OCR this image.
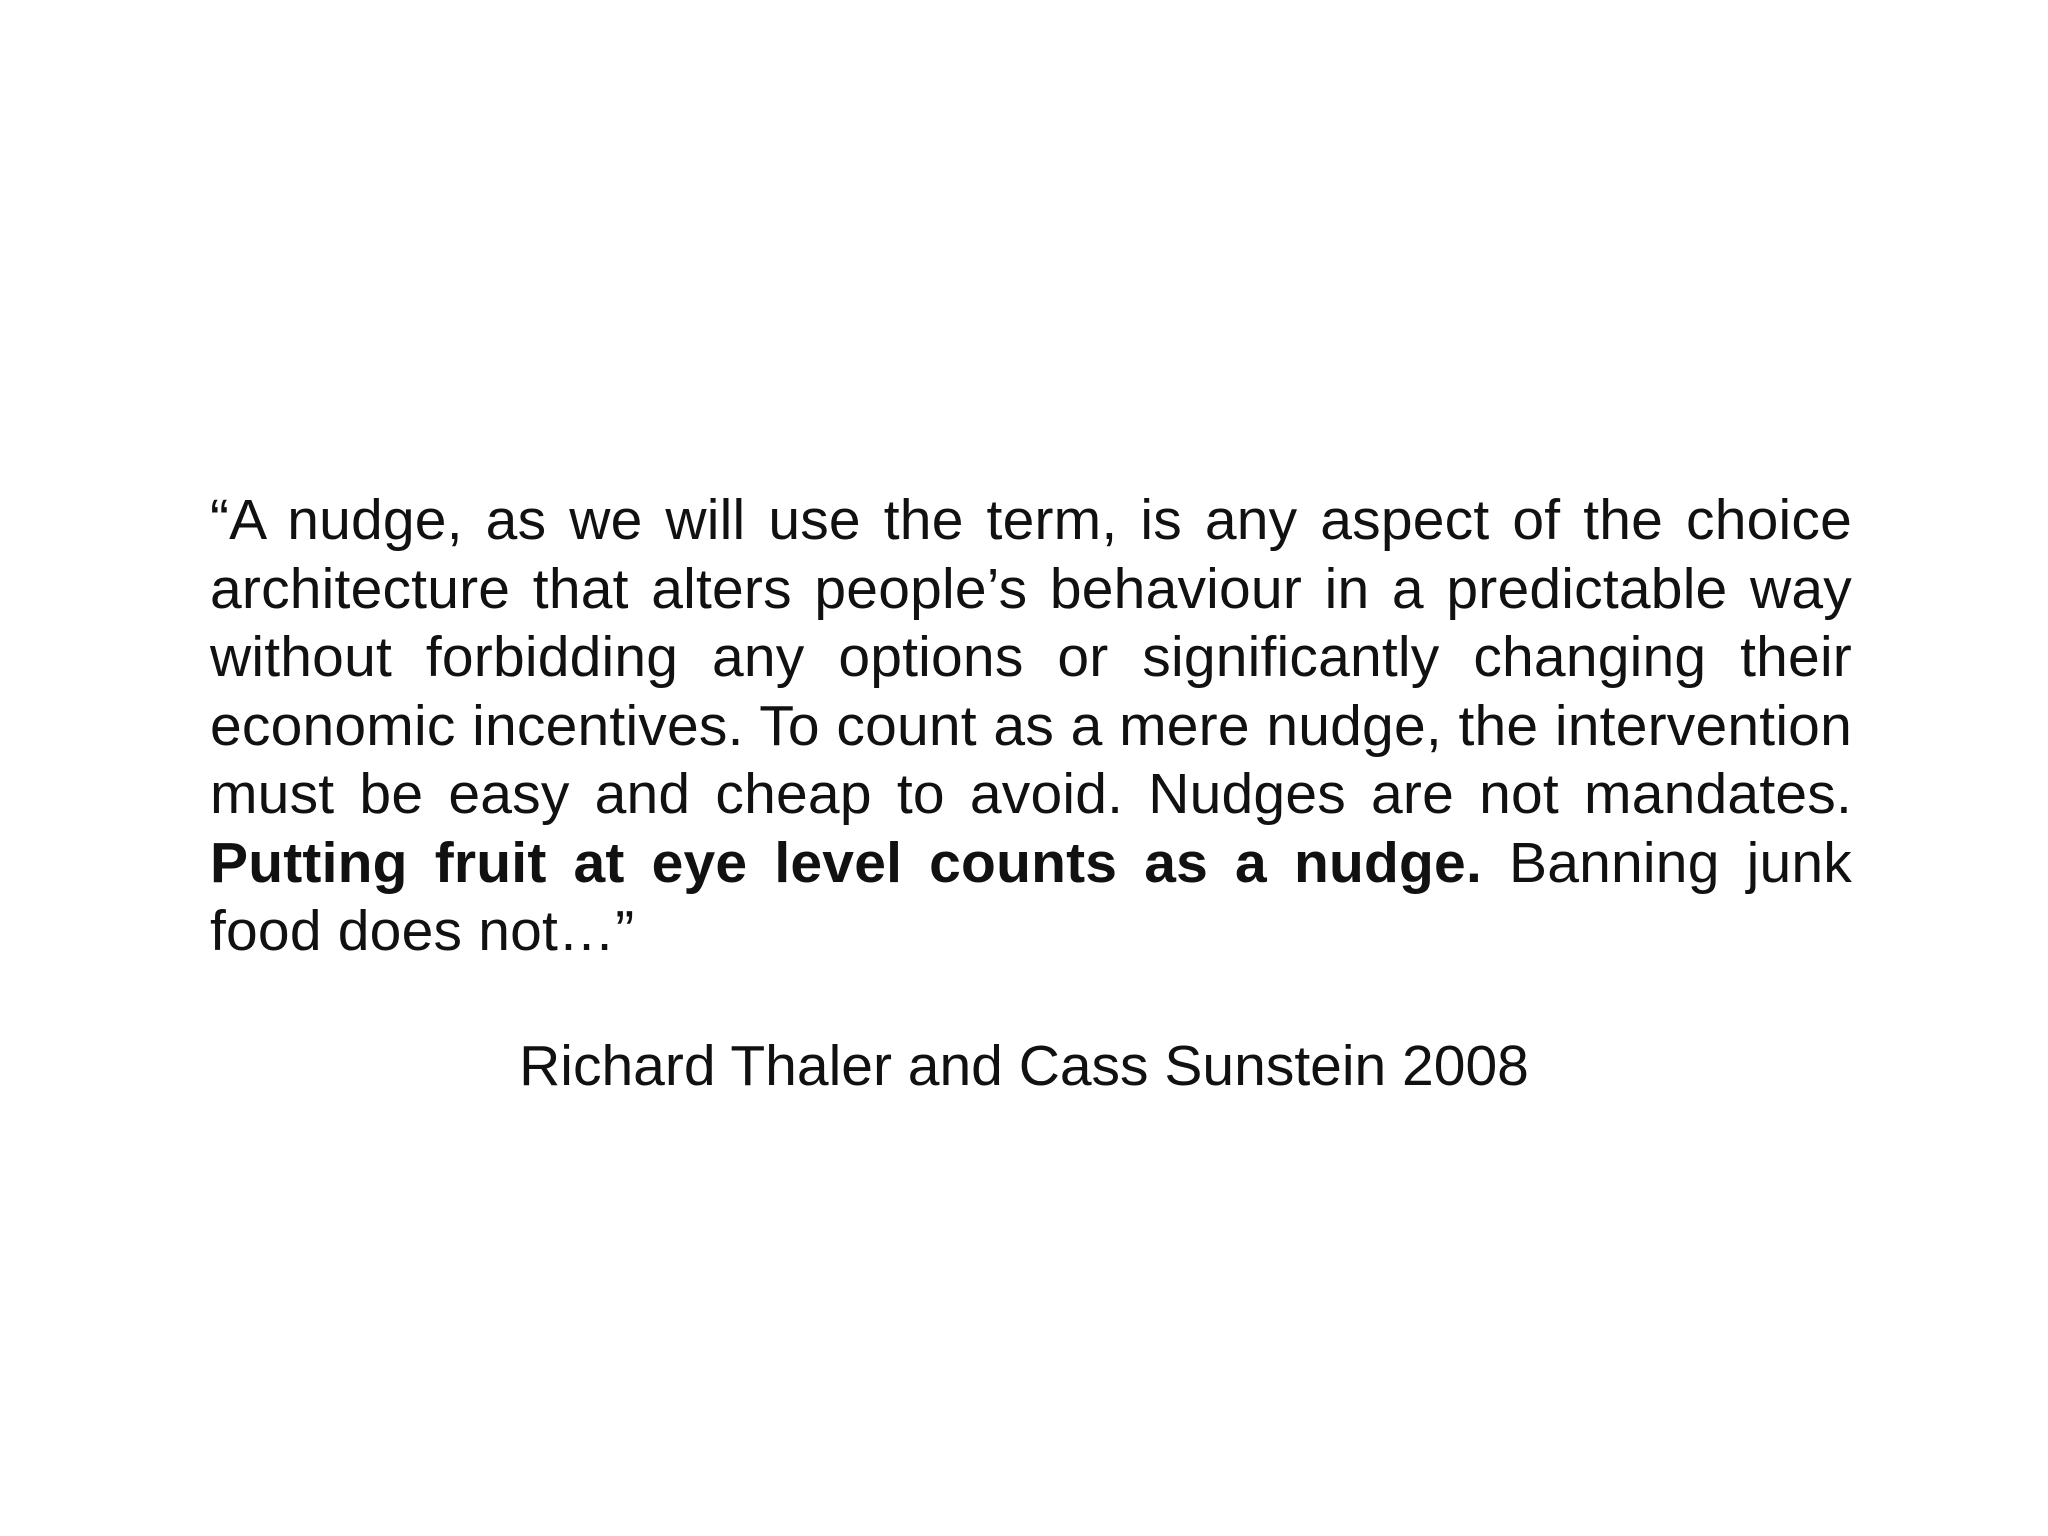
“A nudge, as we will use the term, is any aspect of the choice architecture that alters people’s behaviour in a predictable way without forbidding any options or significantly changing their economic incentives. To count as a mere nudge, the intervention must be easy and cheap to avoid. Nudges are not mandates. Putting fruit at eye level counts as a nudge. Banning junk food does not…”

Richard Thaler and Cass Sunstein 2008
